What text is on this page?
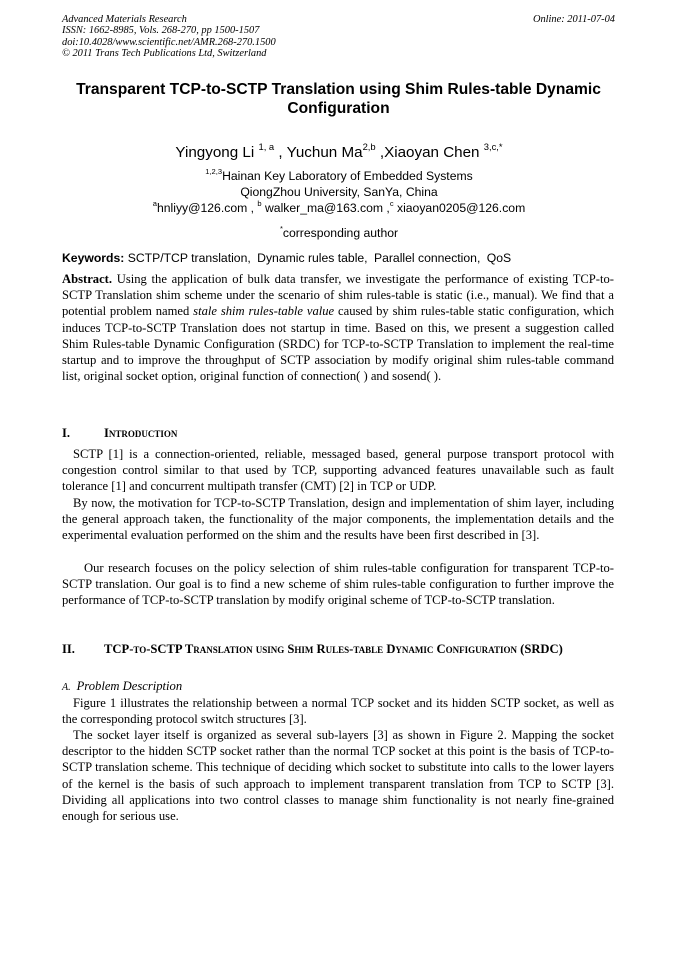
Advanced Materials Research
ISSN: 1662-8985, Vols. 268-270, pp 1500-1507
doi:10.4028/www.scientific.net/AMR.268-270.1500
© 2011 Trans Tech Publications Ltd, Switzerland
Online: 2011-07-04
Transparent TCP-to-SCTP Translation using Shim Rules-table Dynamic Configuration
Yingyong Li $^{1, a}$ , Yuchun Ma$^{2,b}$ ,Xiaoyan Chen $^{3,c,*}$
$^{1,2,3}$Hainan Key Laboratory of Embedded Systems
QiongZhou University, SanYa, China
$^a$hnliyy@126.com , $^b$ walker_ma@163.com ,$^c$ xiaoyan0205@126.com
*corresponding author
Keywords: SCTP/TCP translation, Dynamic rules table, Parallel connection, QoS
Abstract. Using the application of bulk data transfer, we investigate the performance of existing TCP-to-SCTP Translation shim scheme under the scenario of shim rules-table is static (i.e., manual). We find that a potential problem named stale shim rules-table value caused by shim rules-table static configuration, which induces TCP-to-SCTP Translation does not startup in time. Based on this, we present a suggestion called Shim Rules-table Dynamic Configuration (SRDC) for TCP-to-SCTP Translation to implement the real-time startup and to improve the throughput of SCTP association by modify original shim rules-table command list, original socket option, original function of connection( ) and sosend( ).
I.	Introduction
SCTP [1] is a connection-oriented, reliable, messaged based, general purpose transport protocol with congestion control similar to that used by TCP, supporting advanced features unavailable such as fault tolerance [1] and concurrent multipath transfer (CMT) [2] in TCP or UDP.
By now, the motivation for TCP-to-SCTP Translation, design and implementation of shim layer, including the general approach taken, the functionality of the major components, the implementation details and the experimental evaluation performed on the shim and the results have been first described in [3].
Our research focuses on the policy selection of shim rules-table configuration for transparent TCP-to-SCTP translation. Our goal is to find a new scheme of shim rules-table configuration to further improve the performance of TCP-to-SCTP translation by modify original scheme of TCP-to-SCTP translation.
II. TCP-to-SCTP Translation using Shim Rules-table Dynamic Configuration (SRDC)
A. Problem Description
Figure 1 illustrates the relationship between a normal TCP socket and its hidden SCTP socket, as well as the corresponding protocol switch structures [3].
The socket layer itself is organized as several sub-layers [3] as shown in Figure 2. Mapping the socket descriptor to the hidden SCTP socket rather than the normal TCP socket at this point is the basis of TCP-to-SCTP translation scheme. This technique of deciding which socket to substitute into calls to the lower layers of the kernel is the basis of such approach to implement transparent translation from TCP to SCTP [3]. Dividing all applications into two control classes to manage shim functionality is not nearly fine-grained enough for serious use.
